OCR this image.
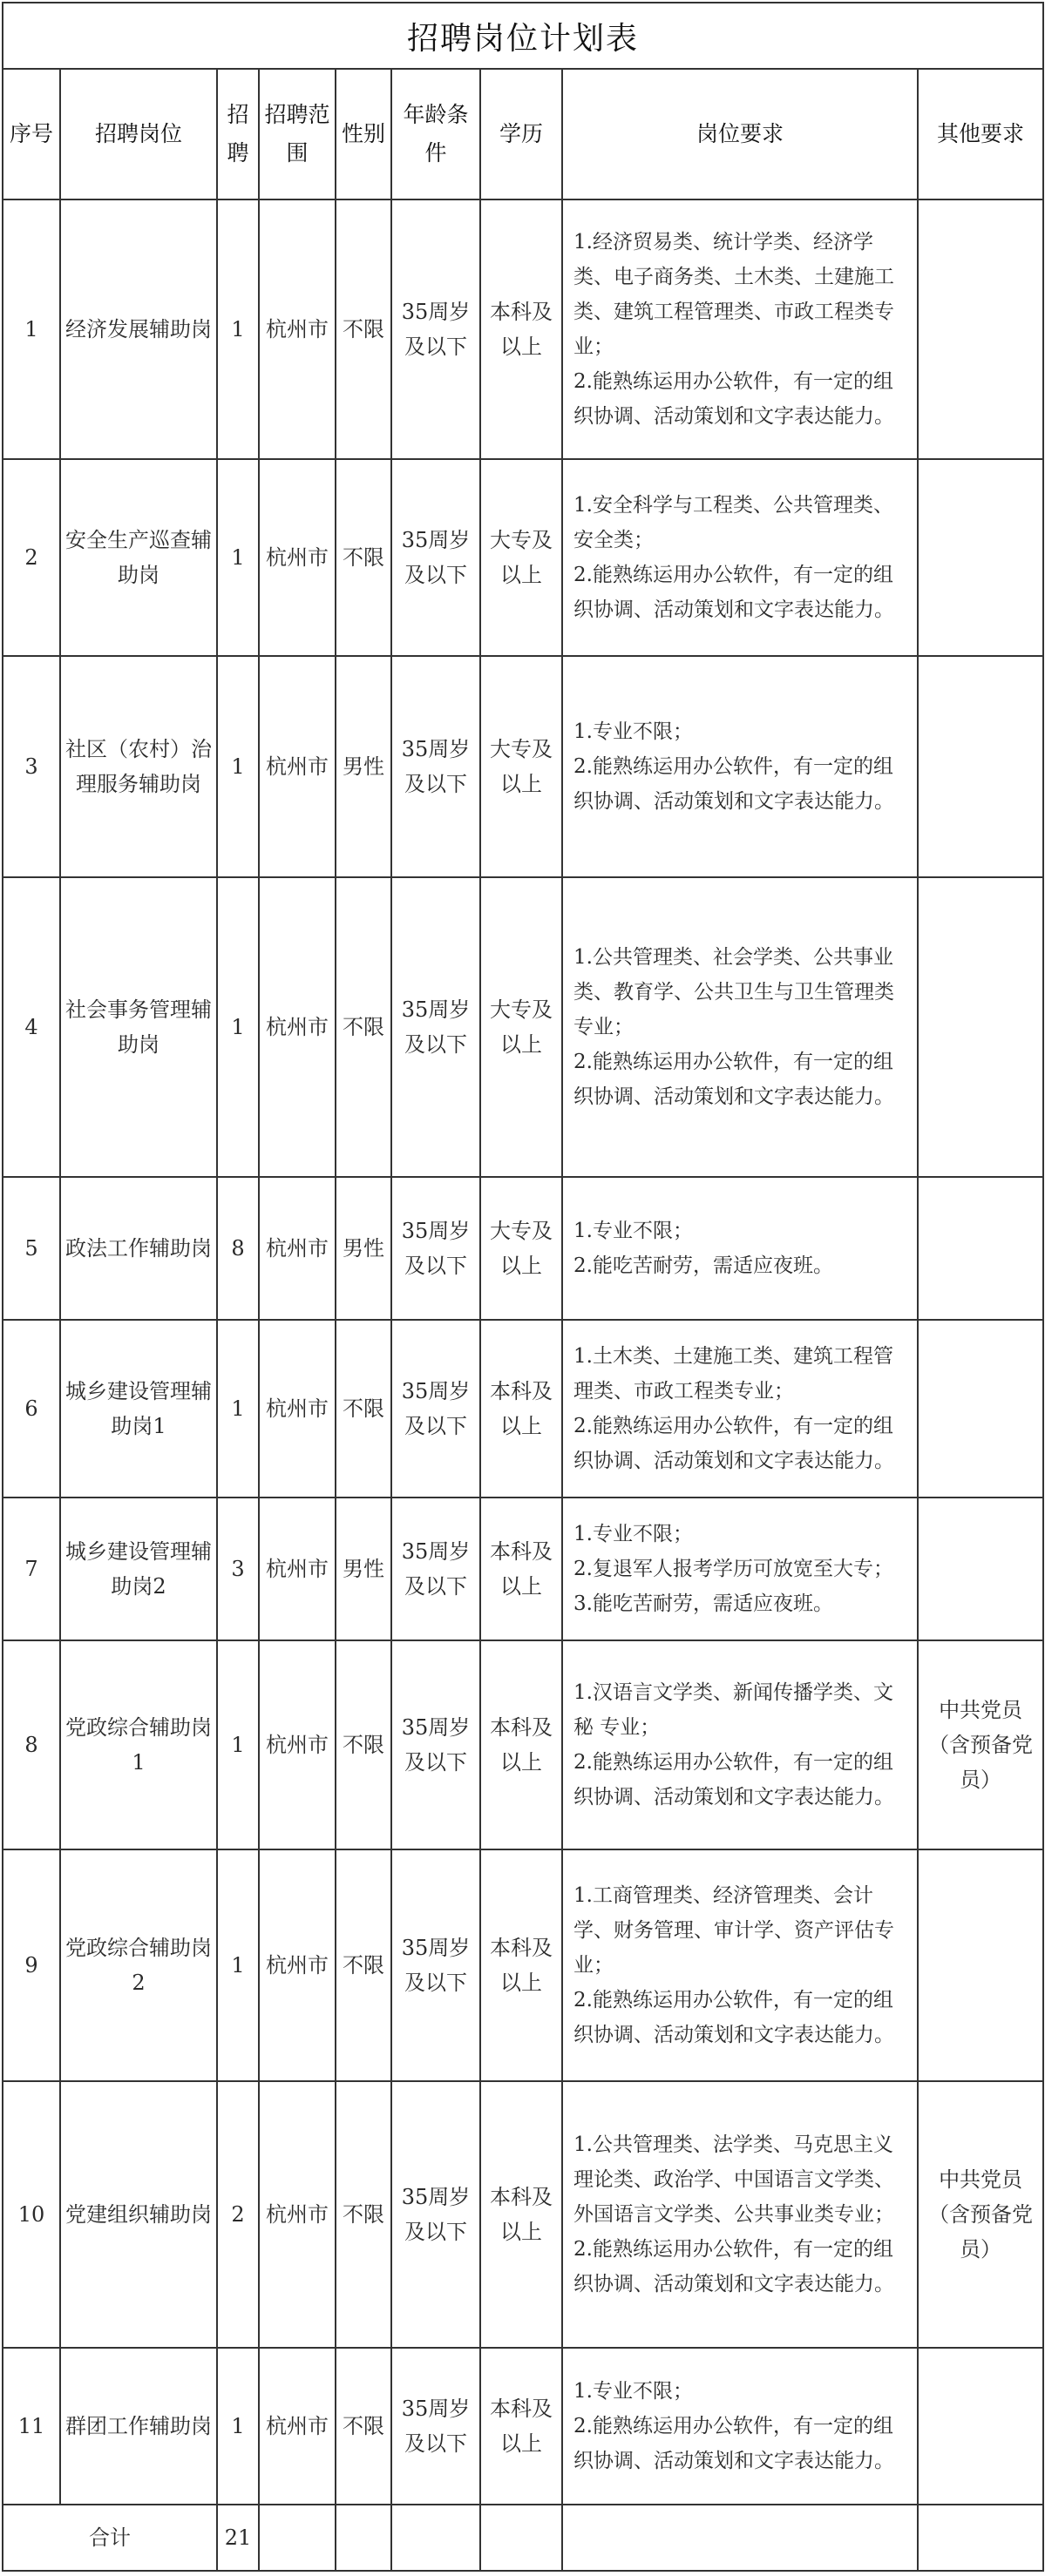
招聘岗位计划表								
序号	招聘岗位	招聘	招聘范围	性别	年龄条件	学历	岗位要求	其他要求
1	经济发展辅助岗	1	杭州市	不限	35周岁及以下	本科及以上	1.经济贸易类、统计学类、经济学类、电子商务类、土木类、土建施工类、建筑工程管理类、市政工程类专业；
2.能熟练运用办公软件，有一定的组织协调、活动策划和文字表达能力。	
2	安全生产巡查辅助岗	1	杭州市	不限	35周岁及以下	大专及以上	1.安全科学与工程类、公共管理类、安全类；
2.能熟练运用办公软件，有一定的组织协调、活动策划和文字表达能力。	
3	社区（农村）治理服务辅助岗	1	杭州市	男性	35周岁及以下	大专及以上	1.专业不限；
2.能熟练运用办公软件，有一定的组织协调、活动策划和文字表达能力。	
4	社会事务管理辅助岗	1	杭州市	不限	35周岁及以下	大专及以上	1.公共管理类、社会学类、公共事业类、教育学、公共卫生与卫生管理类专业；
2.能熟练运用办公软件，有一定的组织协调、活动策划和文字表达能力。	
5	政法工作辅助岗	8	杭州市	男性	35周岁及以下	大专及以上	1.专业不限；
2.能吃苦耐劳，需适应夜班。	
6	城乡建设管理辅助岗1	1	杭州市	不限	35周岁及以下	本科及以上	1.土木类、土建施工类、建筑工程管理类、市政工程类专业；
2.能熟练运用办公软件，有一定的组织协调、活动策划和文字表达能力。	
7	城乡建设管理辅助岗2	3	杭州市	男性	35周岁及以下	本科及以上	1.专业不限；
2.复退军人报考学历可放宽至大专；
3.能吃苦耐劳，需适应夜班。	
8	党政综合辅助岗1	1	杭州市	不限	35周岁及以下	本科及以上	1.汉语言文学类、新闻传播学类、文秘 专业；
2.能熟练运用办公软件，有一定的组织协调、活动策划和文字表达能力。	中共党员（含预备党员）
9	党政综合辅助岗2	1	杭州市	不限	35周岁及以下	本科及以上	1.工商管理类、经济管理类、会计学、财务管理、审计学、资产评估专业；
2.能熟练运用办公软件，有一定的组织协调、活动策划和文字表达能力。	
10	党建组织辅助岗	2	杭州市	不限	35周岁及以下	本科及以上	1.公共管理类、法学类、马克思主义理论类、政治学、中国语言文学类、外国语言文学类、公共事业类专业；
2.能熟练运用办公软件，有一定的组织协调、活动策划和文字表达能力。	中共党员（含预备党员）
11	群团工作辅助岗	1	杭州市	不限	35周岁及以下	本科及以上	1.专业不限；
2.能熟练运用办公软件，有一定的组织协调、活动策划和文字表达能力。	
合计		21						
